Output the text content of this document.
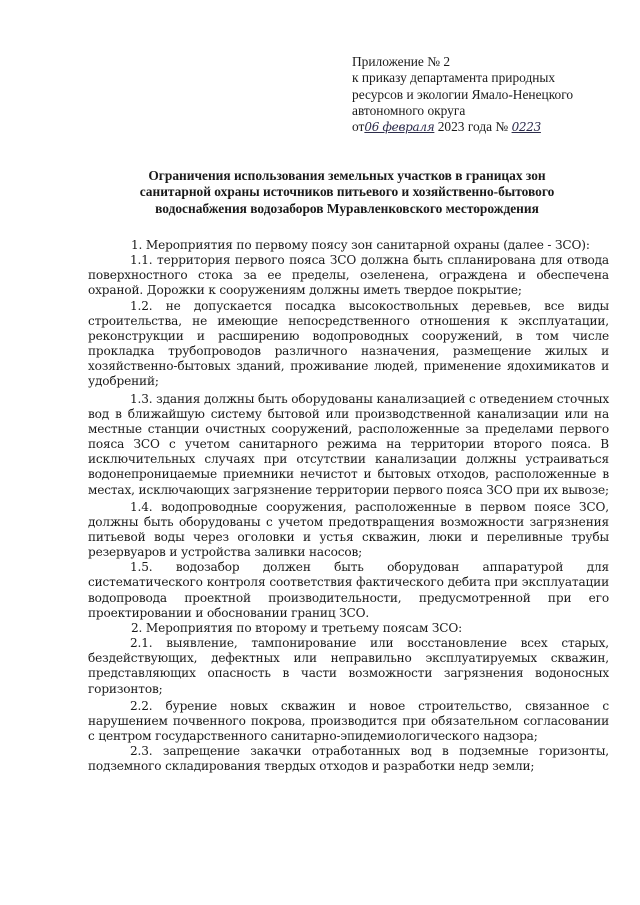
Приложение № 2
к приказу департамента природных
ресурсов и экологии Ямало-Ненецкого
автономного округа
от06 февраля 2023 года № 0223
Ограничения использования земельных участков в границах зон
санитарной охраны источников питьевого и хозяйственно-бытового
водоснабжения водозаборов Муравленковского месторождения

1. Мероприятия по первому поясу зон санитарной охраны (далее - ЗСО):

1.1. территория первого пояса ЗСО должна быть спланирована для отвода поверхностного стока за ее пределы, озеленена, ограждена и обеспечена охраной. Дорожки к сооружениям должны иметь твердое покрытие;

1.2. не допускается посадка высокоствольных деревьев, все виды строительства, не имеющие непосредственного отношения к эксплуатации, реконструкции и расширению водопроводных сооружений, в том числе прокладка трубопроводов различного назначения, размещение жилых и хозяйственно-бытовых зданий, проживание людей, применение ядохимикатов и удобрений;

1.3. здания должны быть оборудованы канализацией с отведением сточных вод в ближайшую систему бытовой или производственной канализации или на местные станции очистных сооружений, расположенные за пределами первого пояса ЗСО с учетом санитарного режима на территории второго пояса. В исключительных случаях при отсутствии канализации должны устраиваться водонепроницаемые приемники нечистот и бытовых отходов, расположенные в местах, исключающих загрязнение территории первого пояса ЗСО при их вывозе;

1.4. водопроводные сооружения, расположенные в первом поясе ЗСО, должны быть оборудованы с учетом предотвращения возможности загрязнения питьевой воды через оголовки и устья скважин, люки и переливные трубы резервуаров и устройства заливки насосов;

1.5. водозабор должен быть оборудован аппаратурой для систематического контроля соответствия фактического дебита при эксплуатации водопровода проектной производительности, предусмотренной при его проектировании и обосновании границ ЗСО.

2. Мероприятия по второму и третьему поясам ЗСО:

2.1. выявление, тампонирование или восстановление всех старых, бездействующих, дефектных или неправильно эксплуатируемых скважин, представляющих опасность в части возможности загрязнения водоносных горизонтов;

2.2. бурение новых скважин и новое строительство, связанное с нарушением почвенного покрова, производится при обязательном согласовании с центром государственного санитарно-эпидемиологического надзора;

2.3. запрещение закачки отработанных вод в подземные горизонты, подземного складирования твердых отходов и разработки недр земли;
